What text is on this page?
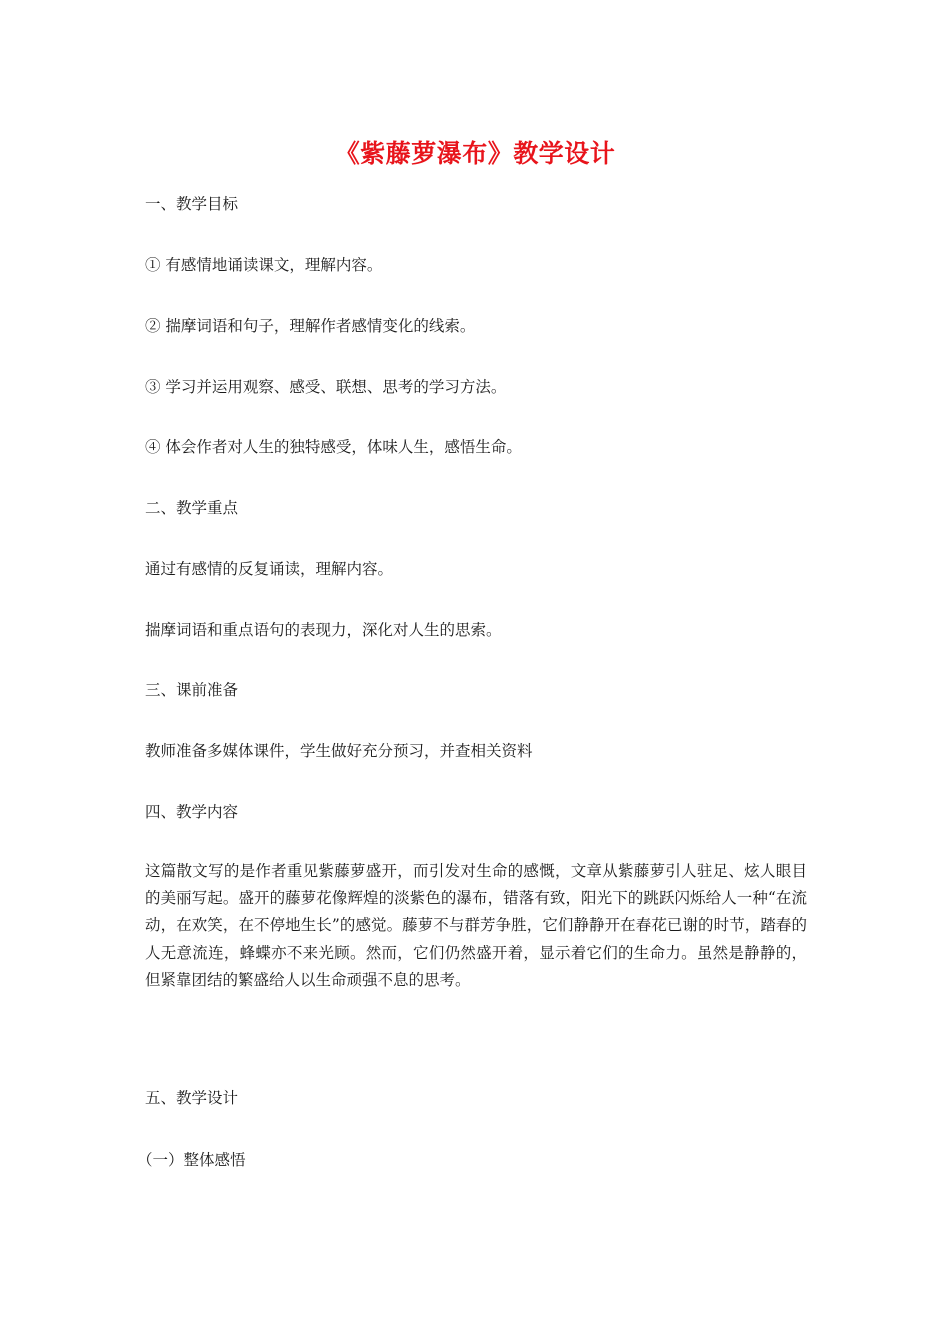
《紫藤萝瀑布》教学设计
一、教学目标
① 有感情地诵读课文，理解内容。
② 揣摩词语和句子，理解作者感情变化的线索。
③ 学习并运用观察、感受、联想、思考的学习方法。
④ 体会作者对人生的独特感受，体味人生，感悟生命。
二、教学重点
通过有感情的反复诵读，理解内容。
揣摩词语和重点语句的表现力，深化对人生的思索。
三、课前准备
教师准备多媒体课件，学生做好充分预习，并查相关资料
四、教学内容
这篇散文写的是作者重见紫藤萝盛开，而引发对生命的感慨，文章从紫藤萝引人驻足、炫人眼目的美丽写起。盛开的藤萝花像辉煌的淡紫色的瀑布，错落有致，阳光下的跳跃闪烁给人一种“在流动，在欢笑，在不停地生长”的感觉。藤萝不与群芳争胜，它们静静开在春花已谢的时节，踏春的人无意流连，蜂蝶亦不来光顾。然而，它们仍然盛开着，显示着它们的生命力。虽然是静静的，但紧靠团结的繁盛给人以生命顽强不息的思考。
五、教学设计
（一）整体感悟
